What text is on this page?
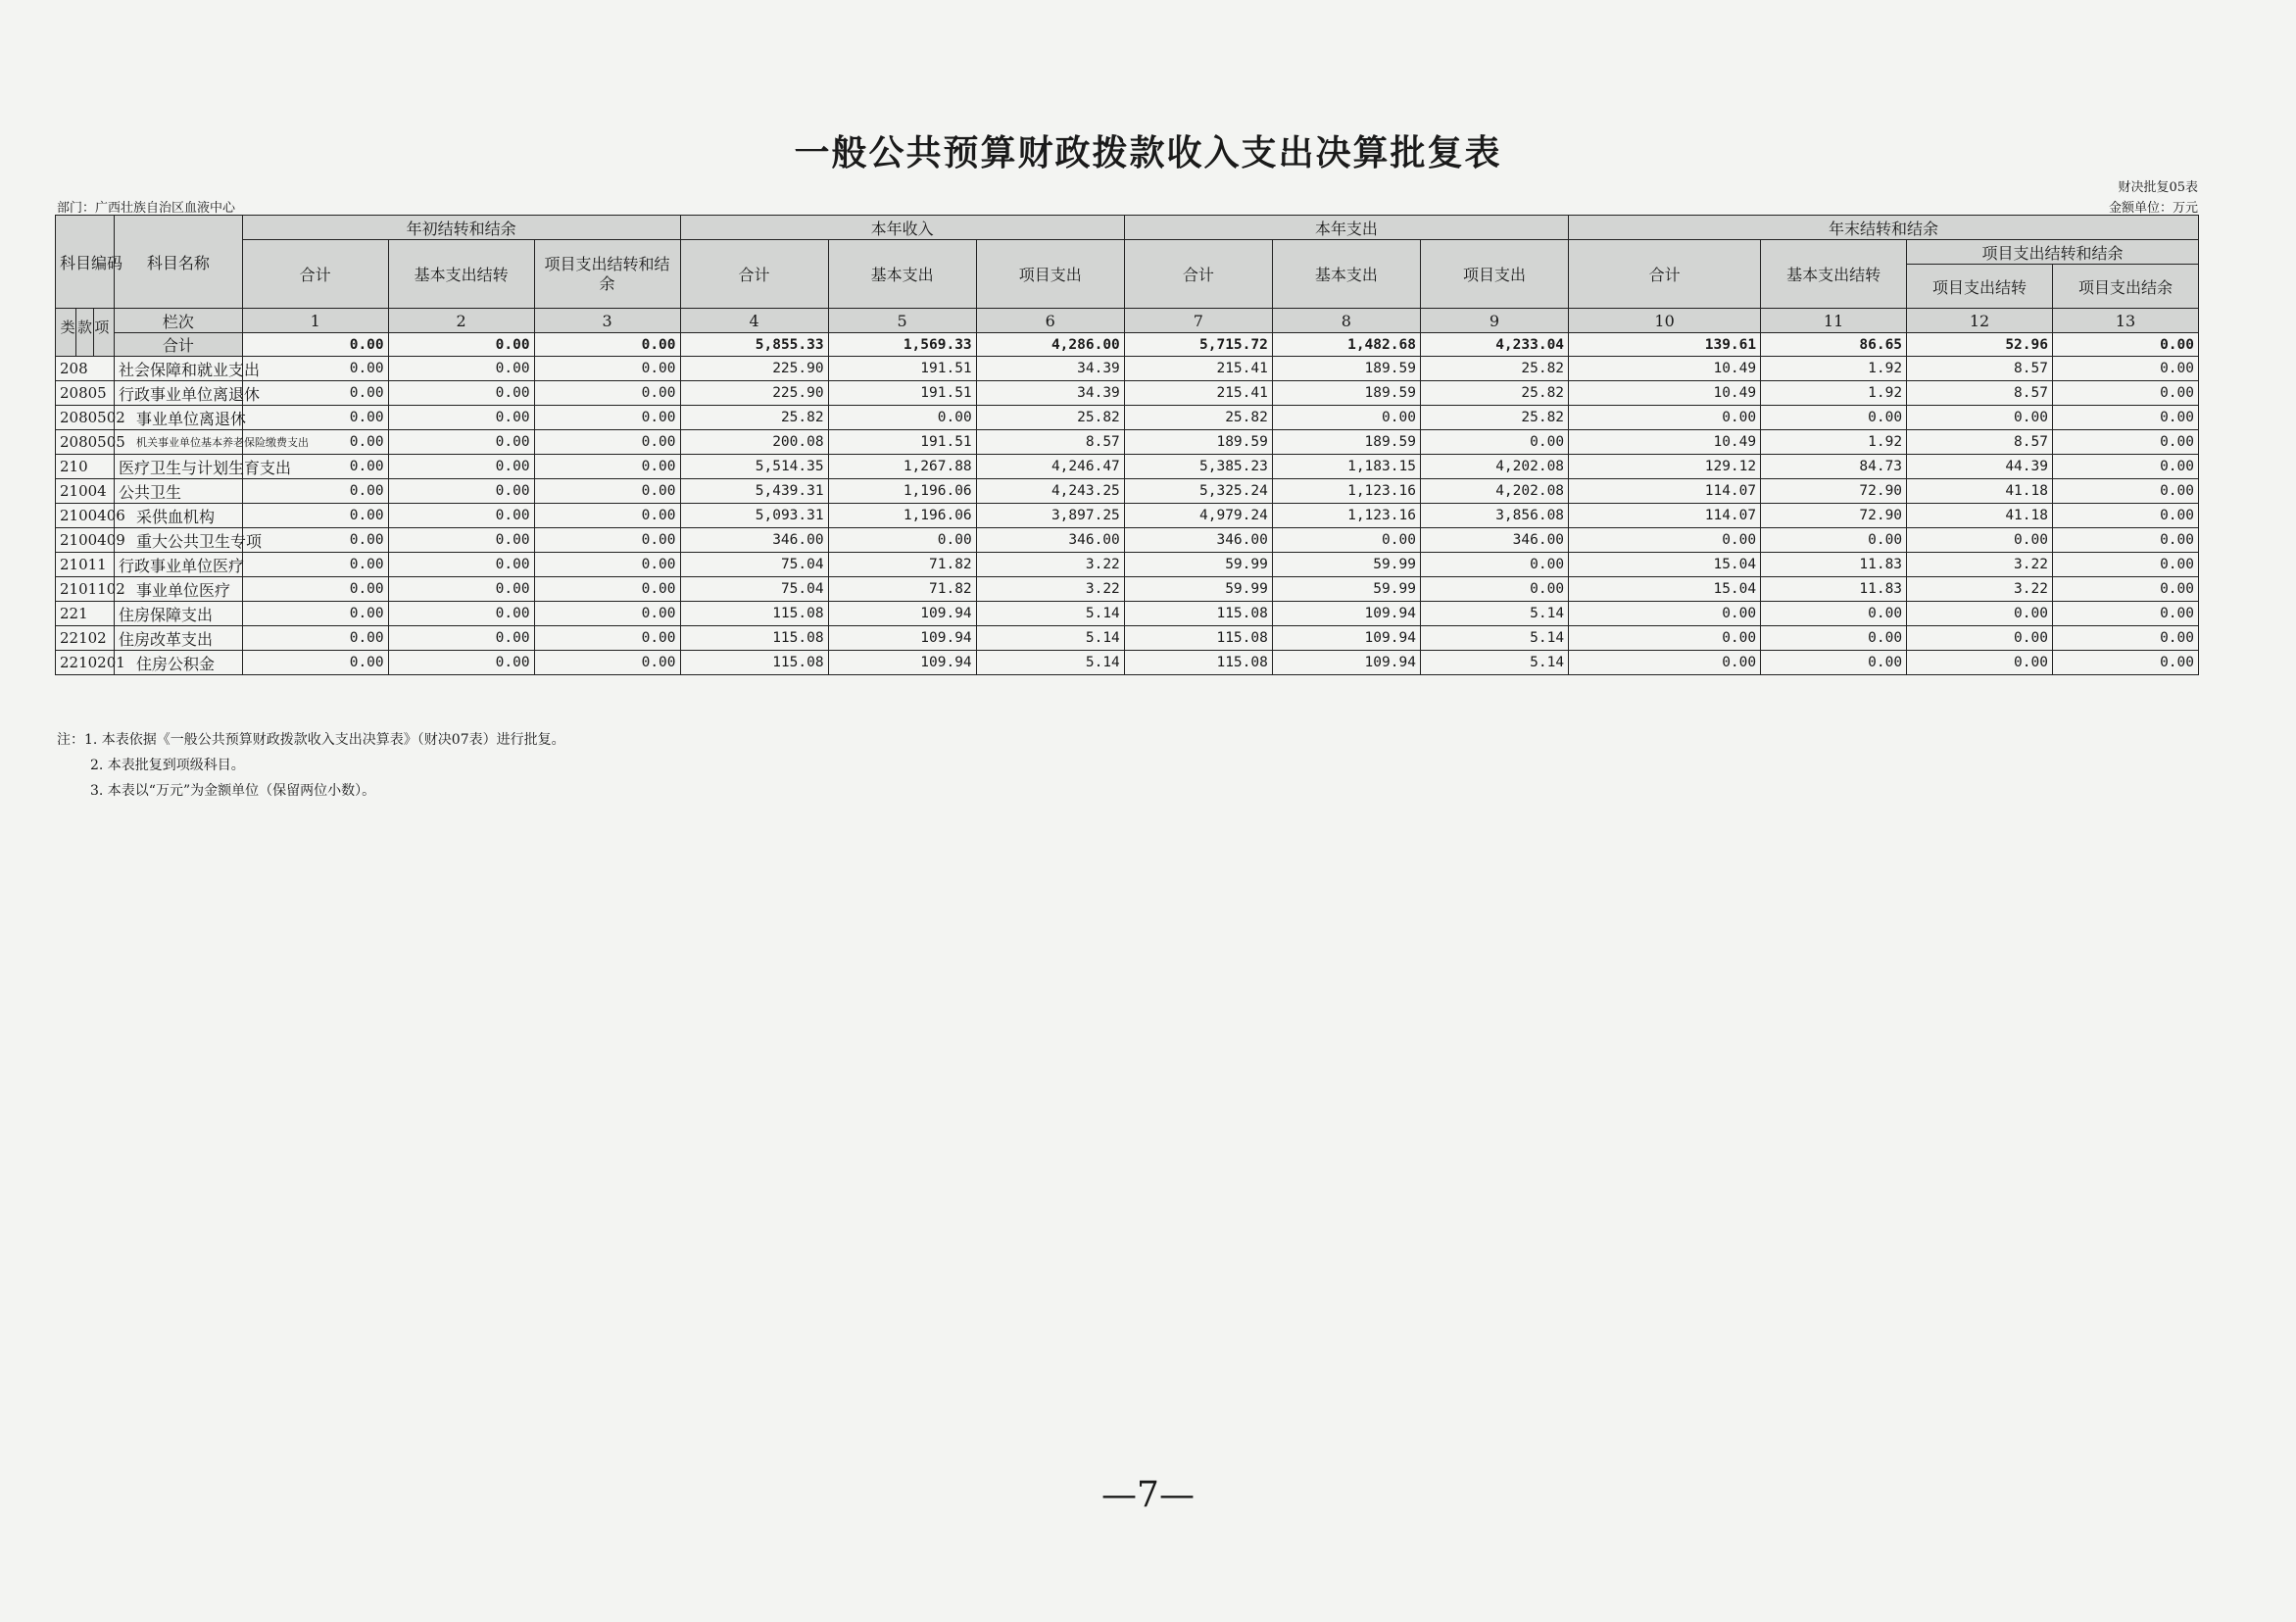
一般公共预算财政拨款收入支出决算批复表
财决批复05表
金额单位：万元
部门：广西壮族自治区血液中心
科目编码	科目名称	年初结转和结余			本年收入			本年支出			年末结转和结余			
		合计	基本支出结转	项目支出结转和结余	合计	基本支出	项目支出	合计	基本支出	项目支出	合计	基本支出结转	项目支出结转和结余	
													项目支出结转	项目支出结余

类 款 项	栏次	1	2	3	4	5	6	7	8	9	10	11	12	13
	合计	0.00	0.00	0.00	5,855.33	1,569.33	4,286.00	5,715.72	1,482.68	4,233.04	139.61	86.65	52.96	0.00
208	社会保障和就业支出	0.00	0.00	0.00	225.90	191.51	34.39	215.41	189.59	25.82	10.49	1.92	8.57	0.00
20805	行政事业单位离退休	0.00	0.00	0.00	225.90	191.51	34.39	215.41	189.59	25.82	10.49	1.92	8.57	0.00
2080502	事业单位离退休	0.00	0.00	0.00	25.82	0.00	25.82	25.82	0.00	25.82	0.00	0.00	0.00	0.00
2080505	机关事业单位基本养老保险缴费支出	0.00	0.00	0.00	200.08	191.51	8.57	189.59	189.59	0.00	10.49	1.92	8.57	0.00
210	医疗卫生与计划生育支出	0.00	0.00	0.00	5,514.35	1,267.88	4,246.47	5,385.23	1,183.15	4,202.08	129.12	84.73	44.39	0.00
21004	公共卫生	0.00	0.00	0.00	5,439.31	1,196.06	4,243.25	5,325.24	1,123.16	4,202.08	114.07	72.90	41.18	0.00
2100406	采供血机构	0.00	0.00	0.00	5,093.31	1,196.06	3,897.25	4,979.24	1,123.16	3,856.08	114.07	72.90	41.18	0.00
2100409	重大公共卫生专项	0.00	0.00	0.00	346.00	0.00	346.00	346.00	0.00	346.00	0.00	0.00	0.00	0.00
21011	行政事业单位医疗	0.00	0.00	0.00	75.04	71.82	3.22	59.99	59.99	0.00	15.04	11.83	3.22	0.00
2101102	事业单位医疗	0.00	0.00	0.00	75.04	71.82	3.22	59.99	59.99	0.00	15.04	11.83	3.22	0.00
221	住房保障支出	0.00	0.00	0.00	115.08	109.94	5.14	115.08	109.94	5.14	0.00	0.00	0.00	0.00
22102	住房改革支出	0.00	0.00	0.00	115.08	109.94	5.14	115.08	109.94	5.14	0.00	0.00	0.00	0.00
2210201	住房公积金	0.00	0.00	0.00	115.08	109.94	5.14	115.08	109.94	5.14	0.00	0.00	0.00	0.00
注：1. 本表依据《一般公共预算财政拨款收入支出决算表》（财决07表）进行批复。
2. 本表批复到项级科目。
3. 本表以“万元”为金额单位（保留两位小数）。
—7—
